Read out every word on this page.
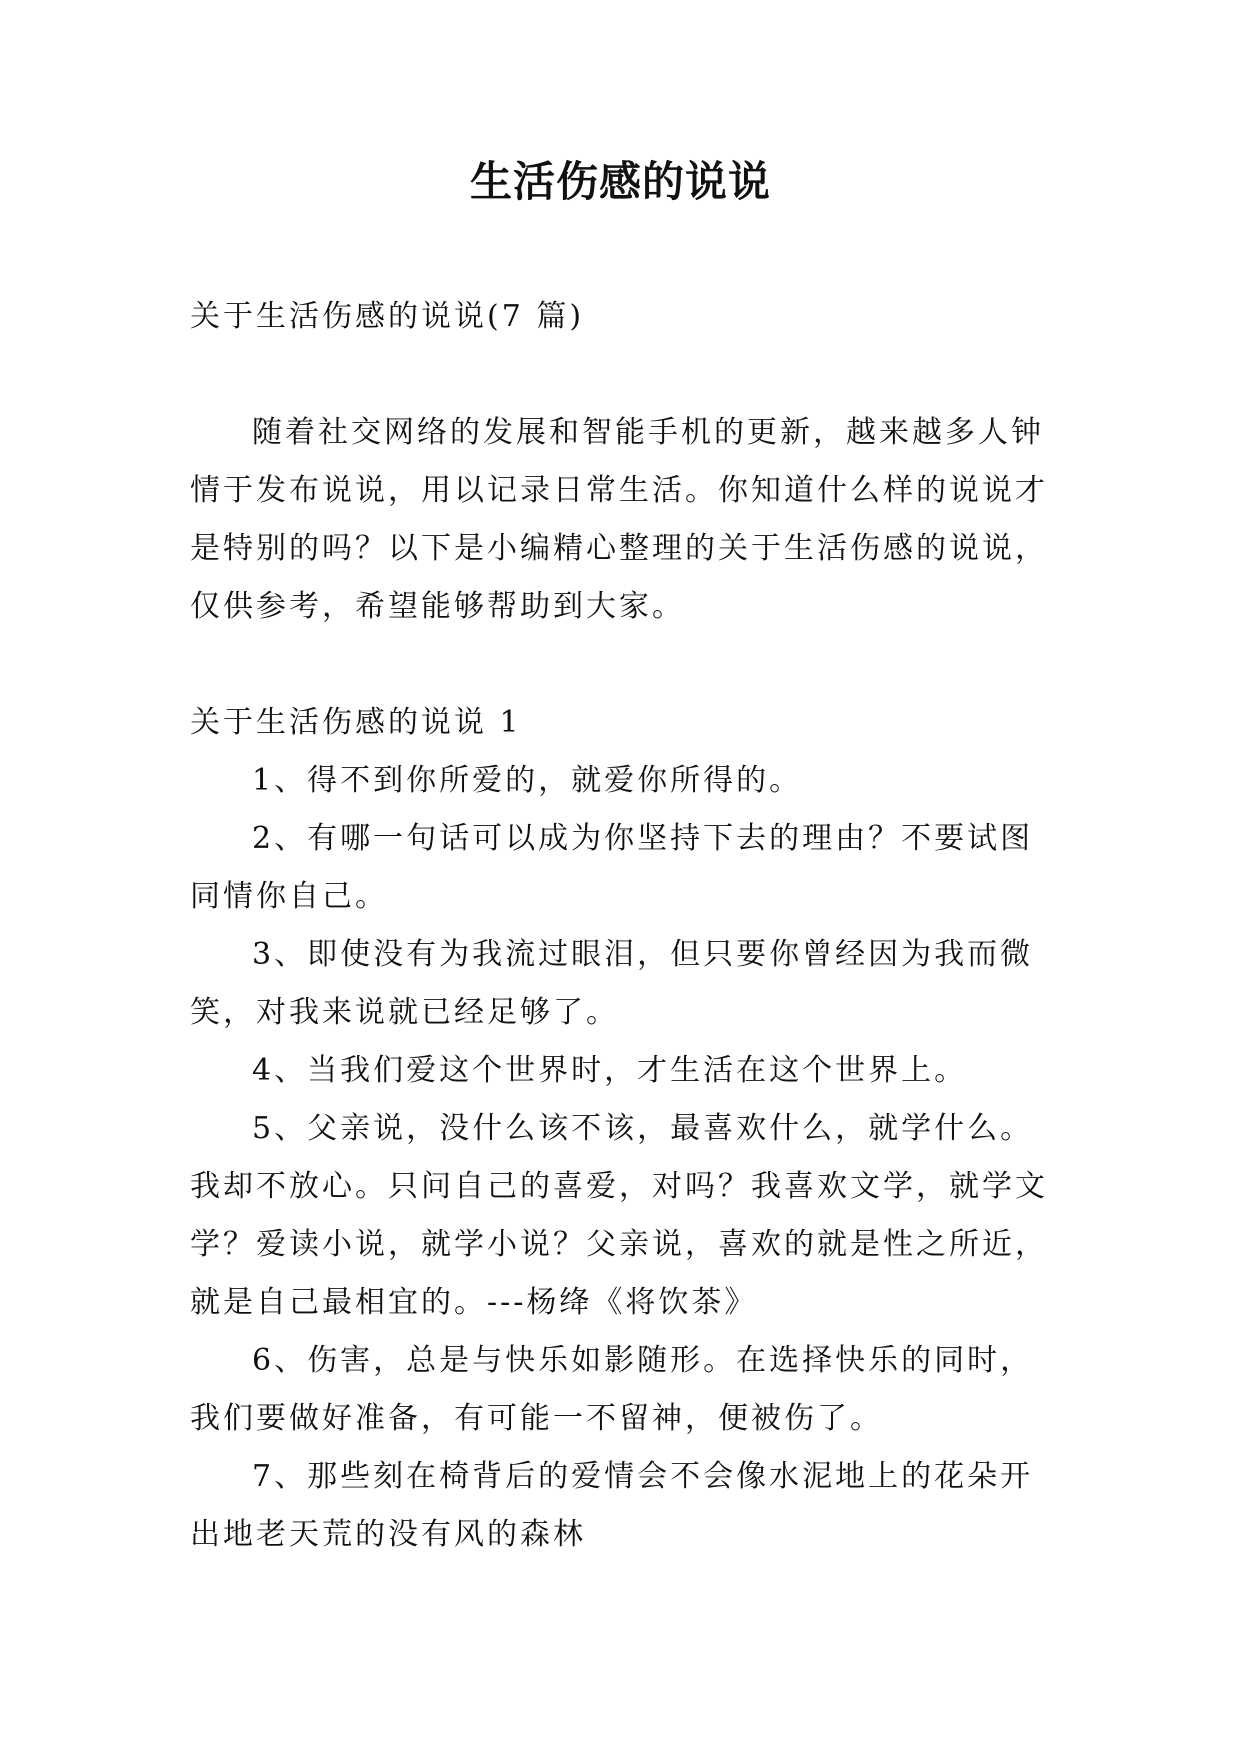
生活伤感的说说

关于生活伤感的说说(7 篇)

随着社交网络的发展和智能手机的更新，越来越多人钟情于发布说说，用以记录日常生活。你知道什么样的说说才是特别的吗？以下是小编精心整理的关于生活伤感的说说，仅供参考，希望能够帮助到大家。

关于生活伤感的说说 1

1、得不到你所爱的，就爱你所得的。

2、有哪一句话可以成为你坚持下去的理由？不要试图同情你自己。

3、即使没有为我流过眼泪，但只要你曾经因为我而微笑，对我来说就已经足够了。

4、当我们爱这个世界时，才生活在这个世界上。

5、父亲说，没什么该不该，最喜欢什么，就学什么。我却不放心。只问自己的喜爱，对吗？我喜欢文学，就学文学？爱读小说，就学小说？父亲说，喜欢的就是性之所近，就是自己最相宜的。---杨绛《将饮茶》

6、伤害，总是与快乐如影随形。在选择快乐的同时，我们要做好准备，有可能一不留神，便被伤了。

7、那些刻在椅背后的爱情会不会像水泥地上的花朵开出地老天荒的没有风的森林
